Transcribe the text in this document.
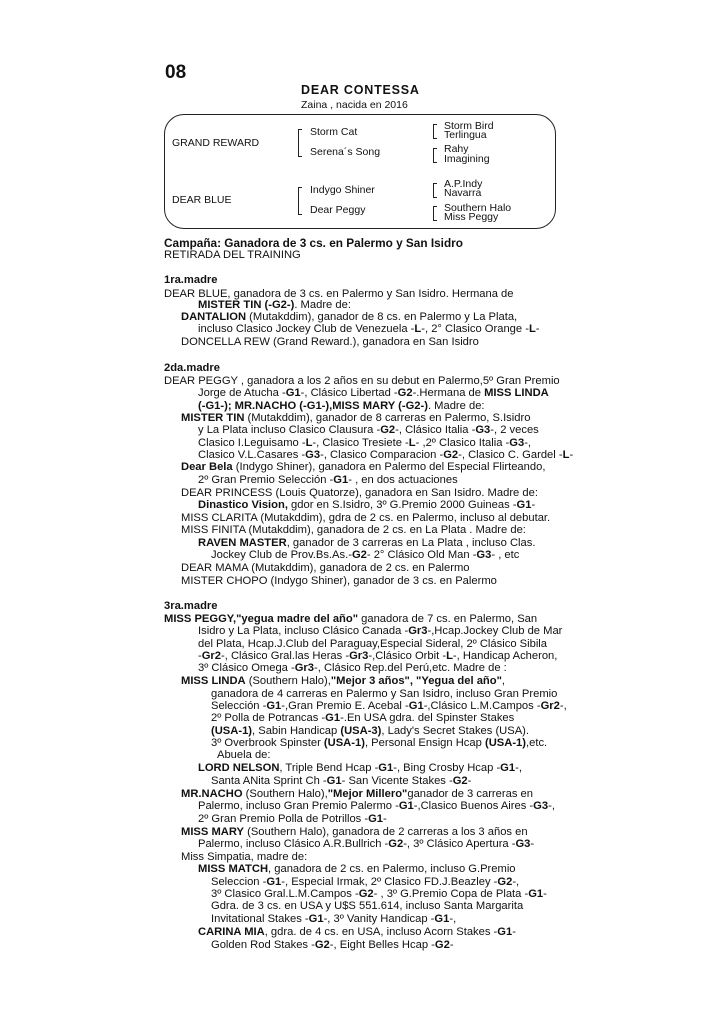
08
DEAR CONTESSA
Zaina , nacida en 2016
GRAND REWARD
DEAR BLUE
Storm Cat
Serena´s Song
Indygo Shiner
Dear Peggy
Storm Bird
Terlingua
Rahy
Imagining
A.P.Indy
Navarra
Southern Halo
Miss Peggy
Campaña: Ganadora de 3 cs. en Palermo y San Isidro
RETIRADA DEL TRAINING
1ra.madre
DEAR BLUE, ganadora de 3 cs. en Palermo y San Isidro. Hermana de
MISTER TIN (-G2-). Madre de:
DANTALION (Mutakddim), ganador de 8 cs. en Palermo y La Plata,
incluso Clasico Jockey Club de Venezuela -L-, 2° Clasico Orange -L-
DONCELLA REW (Grand Reward.), ganadora en San Isidro
2da.madre
DEAR PEGGY , ganadora a los 2 años en su debut en Palermo,5º Gran Premio
Jorge de Atucha -G1-, Clásico Libertad -G2-.Hermana de MISS LINDA
(-G1-); MR.NACHO (-G1-),MISS MARY (-G2-). Madre de:
MISTER TIN (Mutakddim), ganador de 8 carreras en Palermo, S.Isidro
y La Plata incluso Clasico Clausura -G2-, Clásico Italia -G3-, 2 veces
Clasico I.Leguisamo -L-, Clasico Tresiete -L- ,2º Clasico Italia -G3-,
Clasico V.L.Casares -G3-, Clasico Comparacion -G2-, Clasico C. Gardel -L-
Dear Bela (Indygo Shiner), ganadora en Palermo del Especial Flirteando,
2º Gran Premio Selección -G1- , en dos actuaciones
DEAR PRINCESS (Louis Quatorze), ganadora en San Isidro. Madre de:
Dinastico Vision, gdor en S.Isidro, 3º G.Premio 2000 Guineas -G1-
MISS CLARITA (Mutakddim), gdra de 2 cs. en Palermo, incluso al debutar.
MISS FINITA (Mutakddim), ganadora de 2 cs. en La Plata . Madre de:
RAVEN MASTER, ganador de 3 carreras en La Plata , incluso Clas.
Jockey Club de Prov.Bs.As.-G2- 2° Clásico Old Man -G3- , etc
DEAR MAMA (Mutakddim), ganadora de 2 cs. en Palermo
MISTER CHOPO (Indygo Shiner), ganador de 3 cs. en Palermo
3ra.madre
MISS PEGGY,"yegua madre del año" ganadora de 7 cs. en Palermo, San
Isidro y La Plata, incluso Clásico Canada -Gr3-,Hcap.Jockey Club de Mar
del Plata, Hcap.J.Club del Paraguay,Especial Sideral, 2º Clásico Sibila
-Gr2-, Clásico Gral.las Heras -Gr3-,Clásico Orbit -L-, Handicap Acheron,
3º Clásico Omega -Gr3-, Clásico Rep.del Perú,etc. Madre de :
MISS LINDA (Southern Halo),"Mejor 3 años", "Yegua del año",
ganadora de 4 carreras en Palermo y San Isidro, incluso Gran Premio
Selección -G1-,Gran Premio E. Acebal -G1-,Clásico L.M.Campos -Gr2-,
2º Polla de Potrancas -G1-.En USA gdra. del Spinster Stakes
(USA-1), Sabin Handicap (USA-3), Lady's Secret Stakes (USA).
3º Overbrook Spinster (USA-1), Personal Ensign Hcap (USA-1),etc.
Abuela de:
LORD NELSON, Triple Bend Hcap -G1-, Bing Crosby Hcap -G1-,
Santa ANita Sprint Ch -G1- San Vicente Stakes -G2-
MR.NACHO (Southern Halo),"Mejor Millero"ganador de 3 carreras en
Palermo, incluso Gran Premio Palermo -G1-,Clasico Buenos Aires -G3-,
2º Gran Premio Polla de Potrillos -G1-
MISS MARY (Southern Halo), ganadora de 2 carreras a los 3 años en
Palermo, incluso Clásico A.R.Bullrich -G2-, 3º Clásico Apertura -G3-
Miss Simpatia, madre de:
MISS MATCH, ganadora de 2 cs. en Palermo, incluso G.Premio
Seleccion -G1-, Especial Irmak, 2º Clasico FD.J.Beazley -G2-,
3º Clasico Gral.L.M.Campos -G2- , 3º G.Premio Copa de Plata -G1-
Gdra. de 3 cs. en USA y U$S 551.614, incluso Santa Margarita
Invitational Stakes -G1-, 3º Vanity Handicap -G1-,
CARINA MIA, gdra. de 4 cs. en USA, incluso Acorn Stakes -G1-
Golden Rod Stakes -G2-, Eight Belles Hcap -G2-
